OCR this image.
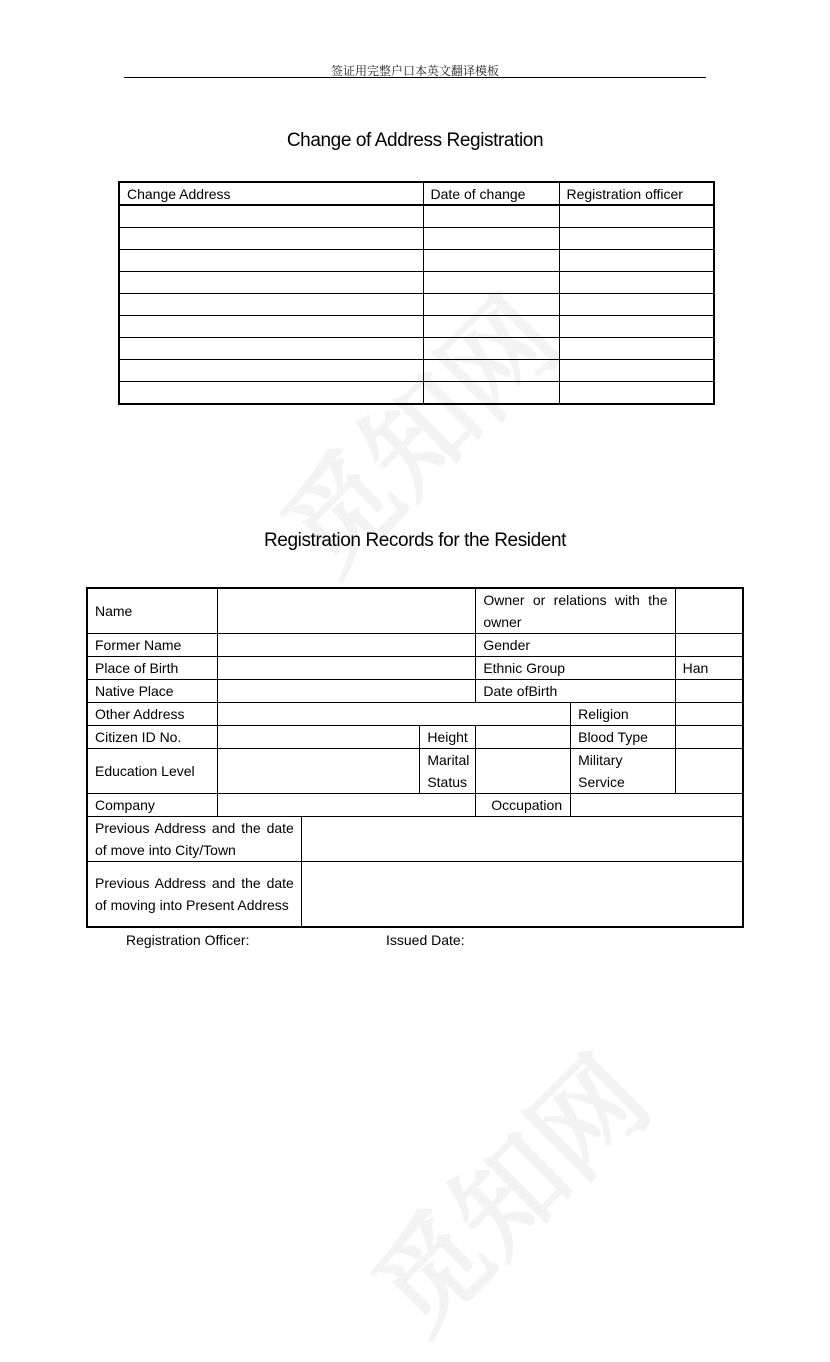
签证用完整户口本英文翻译模板
Change of Address Registration
Change Address	Date of change	Registration officer

Registration Records for the Resident
Name				Owner or relations with the owner		
Former Name				Gender		
Place of Birth				Ethnic Group		Han
Native Place				Date ofBirth		
Other Address					Religion	
Citizen ID No.			Height		Blood Type	
Education Level			Marital Status		Military Service	
Company				Occupation		
Previous Address and the date of move into City/Town						
Previous Address and the date of moving into Present Address						
Registration Officer:	Issued Date:
